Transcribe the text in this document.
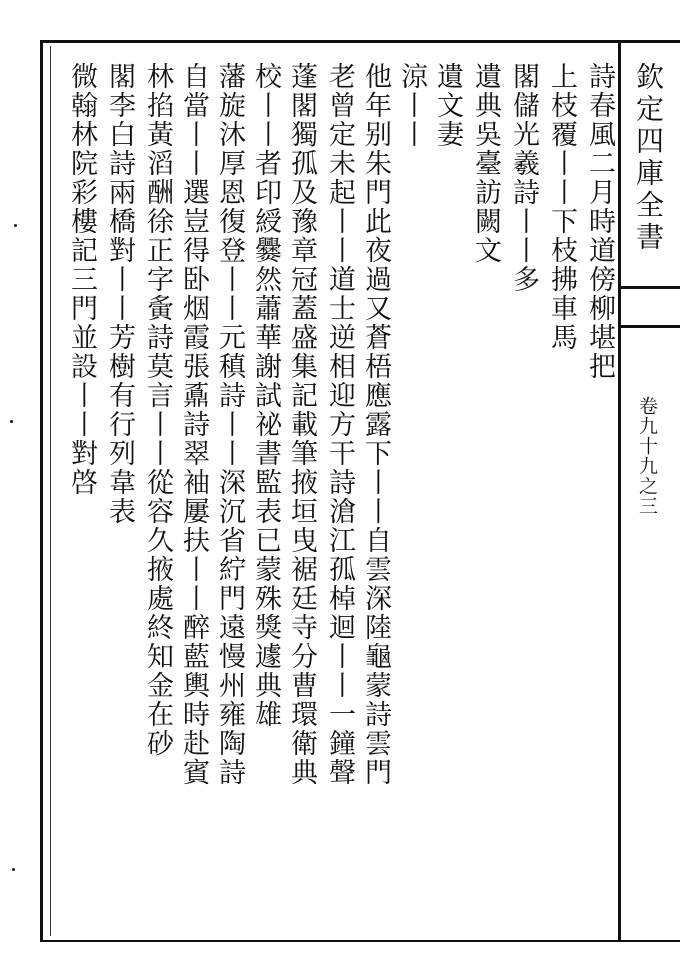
欽定四庫全書
卷九十九之三
詩春風二月時道傍柳堪把
上枝覆丨丨下枝拂車馬
閣儲光羲詩丨丨多
遺典吳臺訪闕文
遺文妻
涼丨丨
他年别朱門此夜過又蒼梧應露下丨丨自雲深陸龜蒙詩雲門
老曾定未起丨丨道士逆相迎方干詩滄江孤棹迴丨丨一鐘聲
蓬閣獨孤及豫章冠蓋盛集記載筆掖垣曳裾廷寺分曹環衛典
校丨丨者印綬爨然蕭華謝試祕書監表已蒙殊獎遽典雄
藩旋沐厚恩復登丨丨元稹詩丨丨深沉省紵門遠慢州雍陶詩
自當丨丨選豈得卧烟霞張鼒詩翠袖屢扶丨丨醉藍輿時赴賓
林掐黃滔酬徐正字夤詩莫言丨丨從容久掖處終知金在砂
閣李白詩兩橋對丨丨芳樹有行列韋表
微翰林院彩樓記三門並設丨丨對啓
